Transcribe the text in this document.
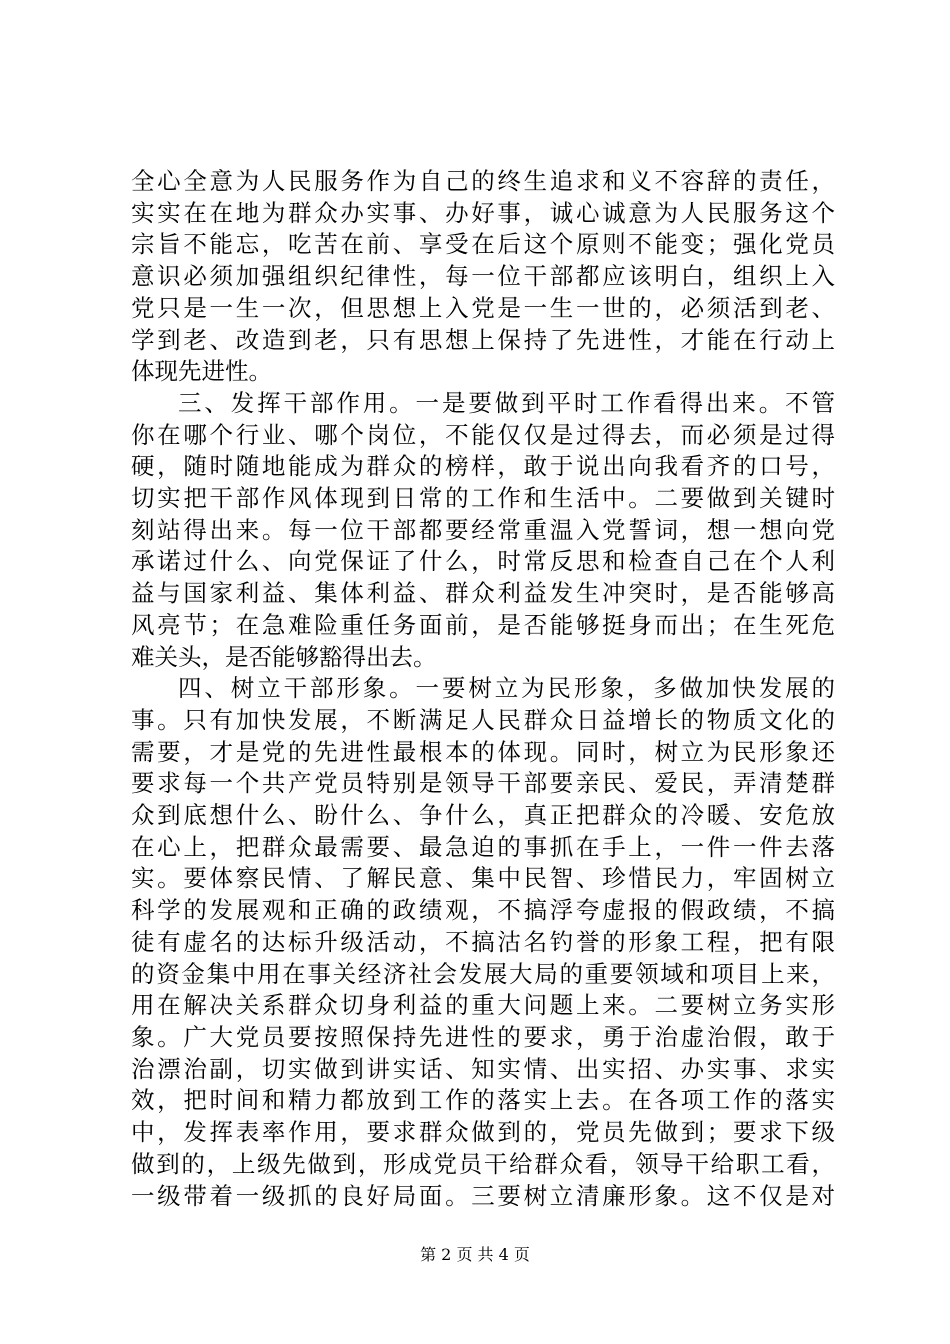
全心全意为人民服务作为自己的终生追求和义不容辞的责任，
实实在在地为群众办实事、办好事，诚心诚意为人民服务这个
宗旨不能忘，吃苦在前、享受在后这个原则不能变；强化党员
意识必须加强组织纪律性，每一位干部都应该明白，组织上入
党只是一生一次，但思想上入党是一生一世的，必须活到老、
学到老、改造到老，只有思想上保持了先进性，才能在行动上
体现先进性。
三、发挥干部作用。一是要做到平时工作看得出来。不管
你在哪个行业、哪个岗位，不能仅仅是过得去，而必须是过得
硬，随时随地能成为群众的榜样，敢于说出向我看齐的口号，
切实把干部作风体现到日常的工作和生活中。二要做到关键时
刻站得出来。每一位干部都要经常重温入党誓词，想一想向党
承诺过什么、向党保证了什么，时常反思和检查自己在个人利
益与国家利益、集体利益、群众利益发生冲突时，是否能够高
风亮节；在急难险重任务面前，是否能够挺身而出；在生死危
难关头，是否能够豁得出去。
四、树立干部形象。一要树立为民形象，多做加快发展的
事。只有加快发展，不断满足人民群众日益增长的物质文化的
需要，才是党的先进性最根本的体现。同时，树立为民形象还
要求每一个共产党员特别是领导干部要亲民、爱民，弄清楚群
众到底想什么、盼什么、争什么，真正把群众的冷暖、安危放
在心上，把群众最需要、最急迫的事抓在手上，一件一件去落
实。要体察民情、了解民意、集中民智、珍惜民力，牢固树立
科学的发展观和正确的政绩观，不搞浮夸虚报的假政绩，不搞
徒有虚名的达标升级活动，不搞沽名钓誉的形象工程，把有限
的资金集中用在事关经济社会发展大局的重要领域和项目上来，
用在解决关系群众切身利益的重大问题上来。二要树立务实形
象。广大党员要按照保持先进性的要求，勇于治虚治假，敢于
治漂治副，切实做到讲实话、知实情、出实招、办实事、求实
效，把时间和精力都放到工作的落实上去。在各项工作的落实
中，发挥表率作用，要求群众做到的，党员先做到；要求下级
做到的，上级先做到，形成党员干给群众看，领导干给职工看，
一级带着一级抓的良好局面。三要树立清廉形象。这不仅是对
第 2 页 共 4 页
